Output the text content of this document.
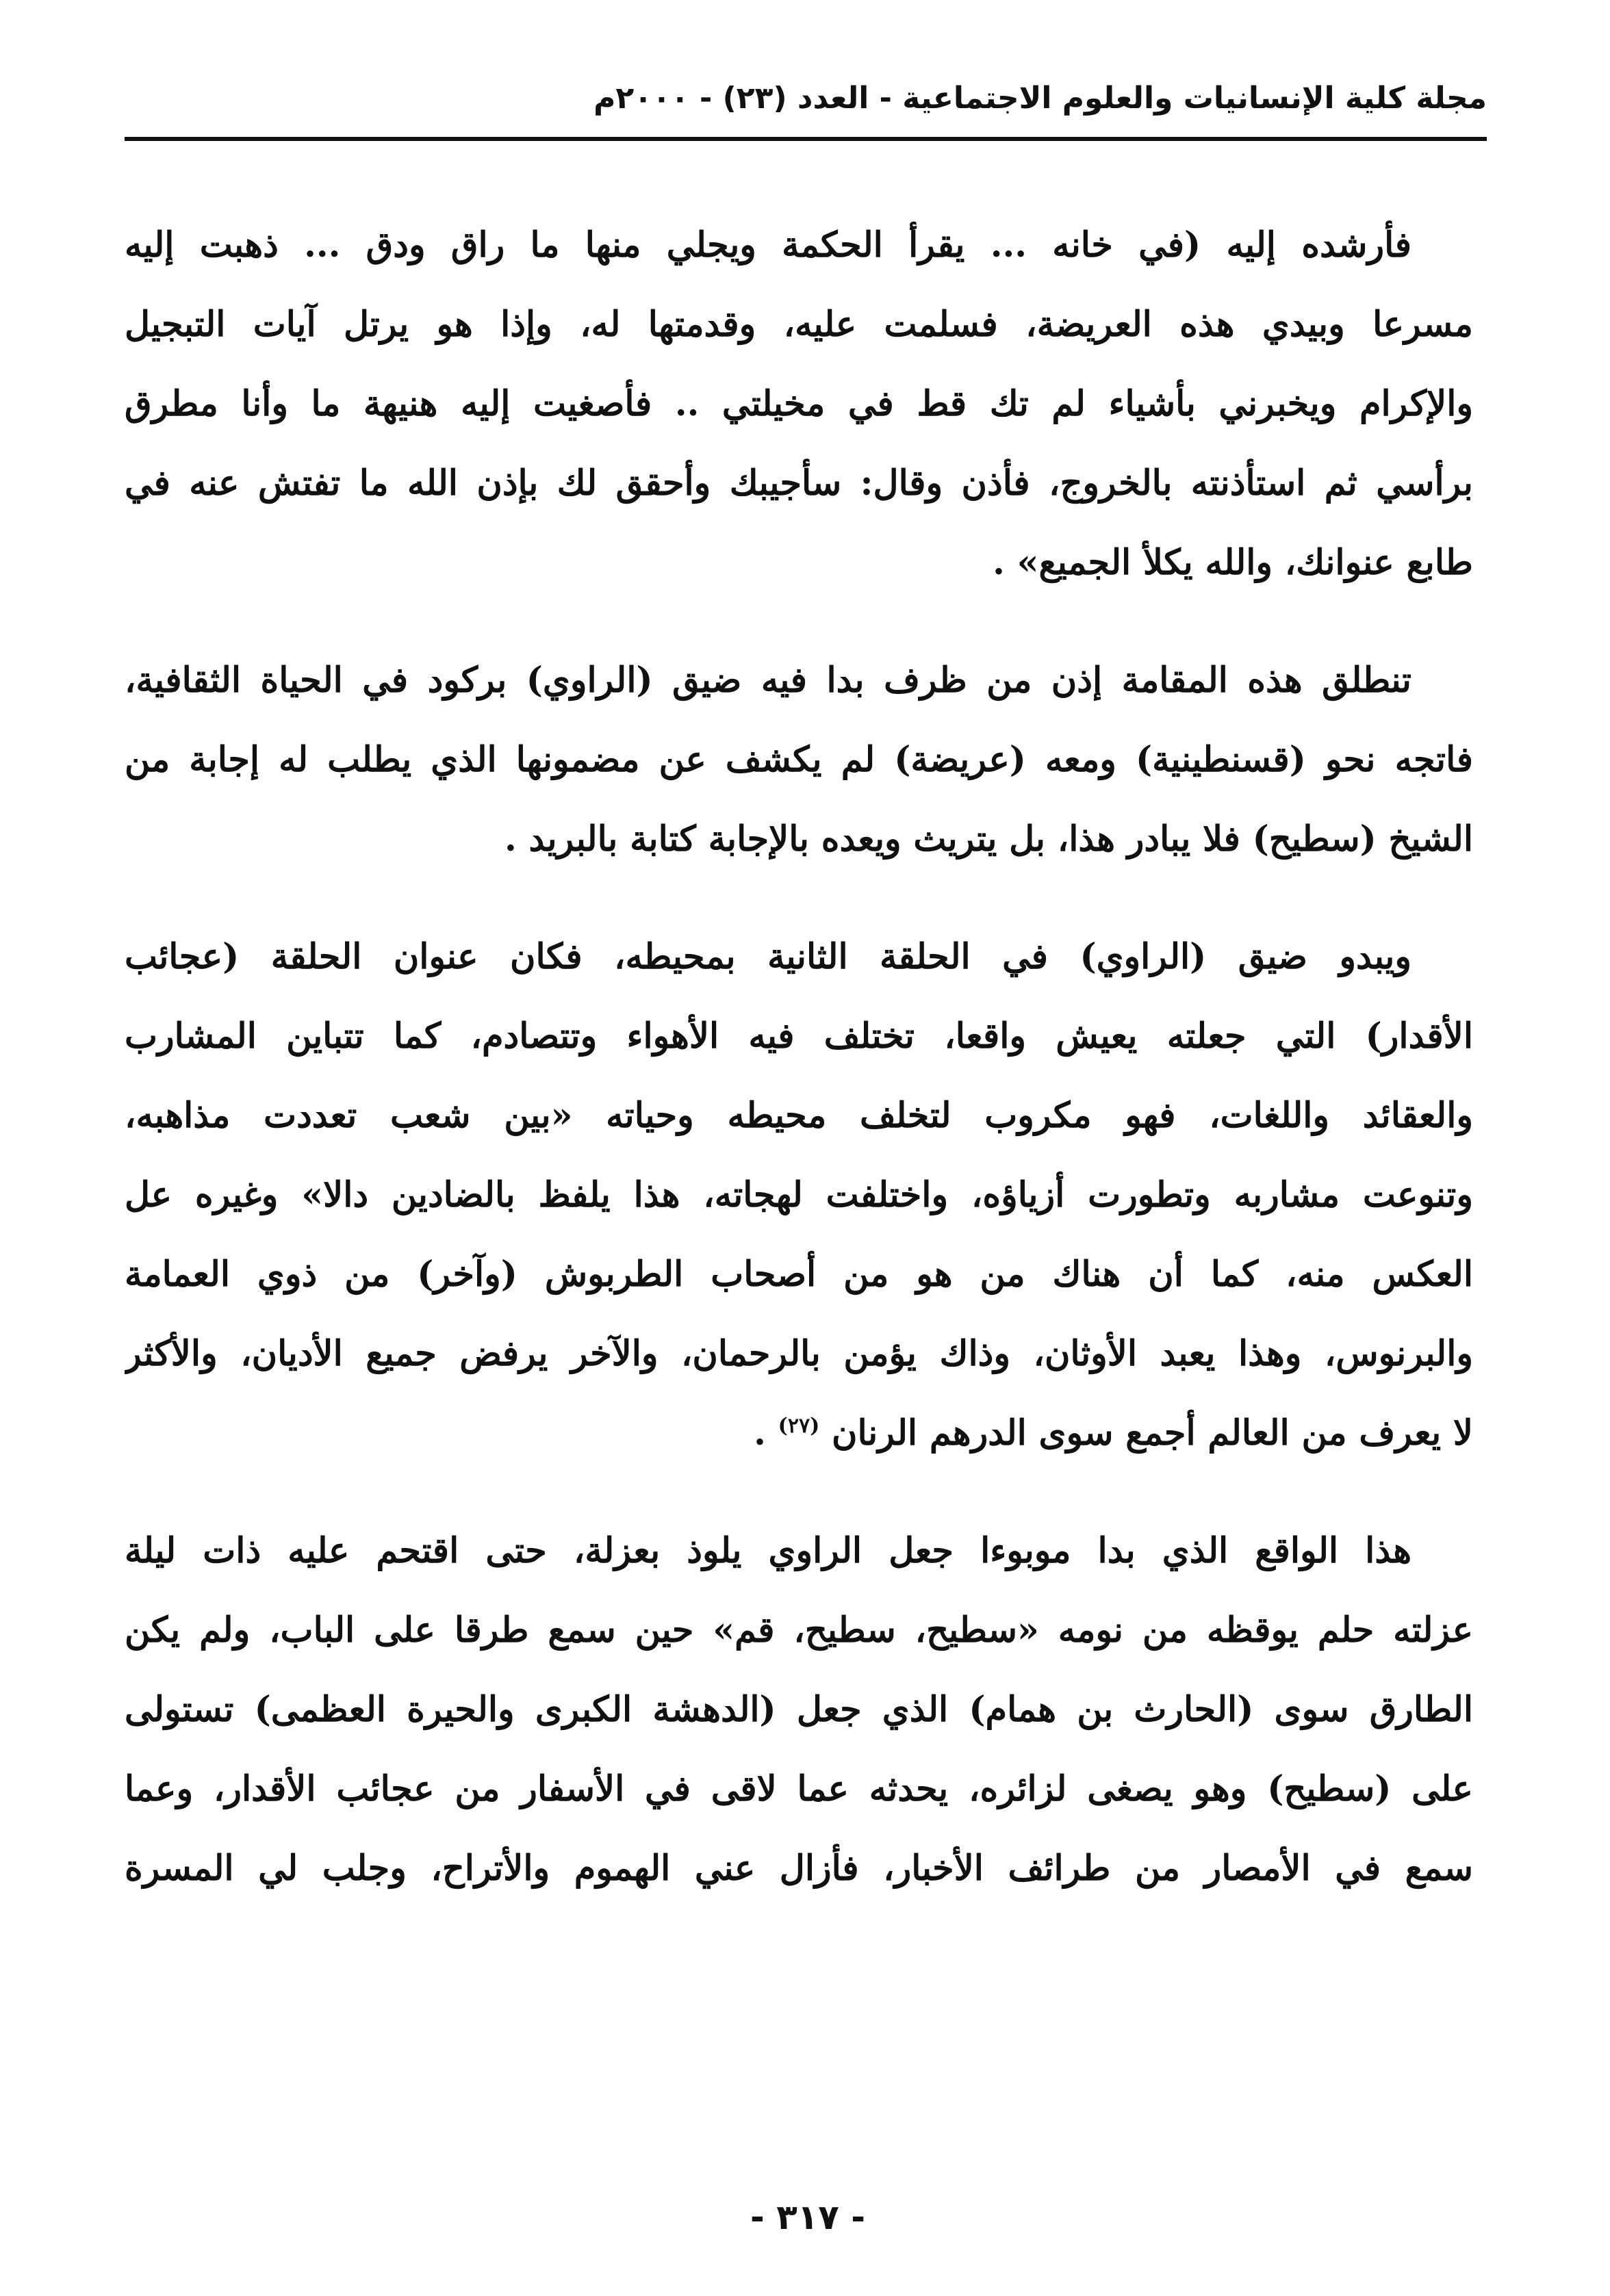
مجلة كلية الإنسانيات والعلوم الاجتماعية - العدد (٢٣) - ٢٠٠٠م
فأرشده إليه (في خانه ... يقرأ الحكمة ويجلي منها ما راق ودق ... ذهبت إليه
مسرعا وبيدي هذه العريضة، فسلمت عليه، وقدمتها له، وإذا هو يرتل آيات التبجيل
والإكرام ويخبرني بأشياء لم تك قط في مخيلتي .. فأصغيت إليه هنيهة ما وأنا مطرق
برأسي ثم استأذنته بالخروج، فأذن وقال: سأجيبك وأحقق لك بإذن الله ما تفتش عنه في
طابع عنوانك، والله يكلأ الجميع» .
تنطلق هذه المقامة إذن من ظرف بدا فيه ضيق (الراوي) بركود في الحياة الثقافية،
فاتجه نحو (قسنطينية) ومعه (عريضة) لم يكشف عن مضمونها الذي يطلب له إجابة من
الشيخ (سطيح) فلا يبادر هذا، بل يتريث ويعده بالإجابة كتابة بالبريد .
ويبدو ضيق (الراوي) في الحلقة الثانية بمحيطه، فكان عنوان الحلقة (عجائب
الأقدار) التي جعلته يعيش واقعا، تختلف فيه الأهواء وتتصادم، كما تتباين المشارب
والعقائد واللغات، فهو مكروب لتخلف محيطه وحياته «بين شعب تعددت مذاهبه،
وتنوعت مشاربه وتطورت أزياؤه، واختلفت لهجاته، هذا يلفظ بالضادين دالا» وغيره عل
العكس منه، كما أن هناك من هو من أصحاب الطربوش (وآخر) من ذوي العمامة
والبرنوس، وهذا يعبد الأوثان، وذاك يؤمن بالرحمان، والآخر يرفض جميع الأديان، والأكثر
لا يعرف من العالم أجمع سوى الدرهم الرنان $^{(٢٧)}$ .
هذا الواقع الذي بدا موبوءا جعل الراوي يلوذ بعزلة، حتى اقتحم عليه ذات ليلة
عزلته حلم يوقظه من نومه «سطيح، سطيح، قم» حين سمع طرقا على الباب، ولم يكن
الطارق سوى (الحارث بن همام) الذي جعل (الدهشة الكبرى والحيرة العظمى) تستولى
على (سطيح) وهو يصغى لزائره، يحدثه عما لاقى في الأسفار من عجائب الأقدار، وعما
سمع في الأمصار من طرائف الأخبار، فأزال عني الهموم والأتراح، وجلب لي المسرة
- ٣١٧ -
